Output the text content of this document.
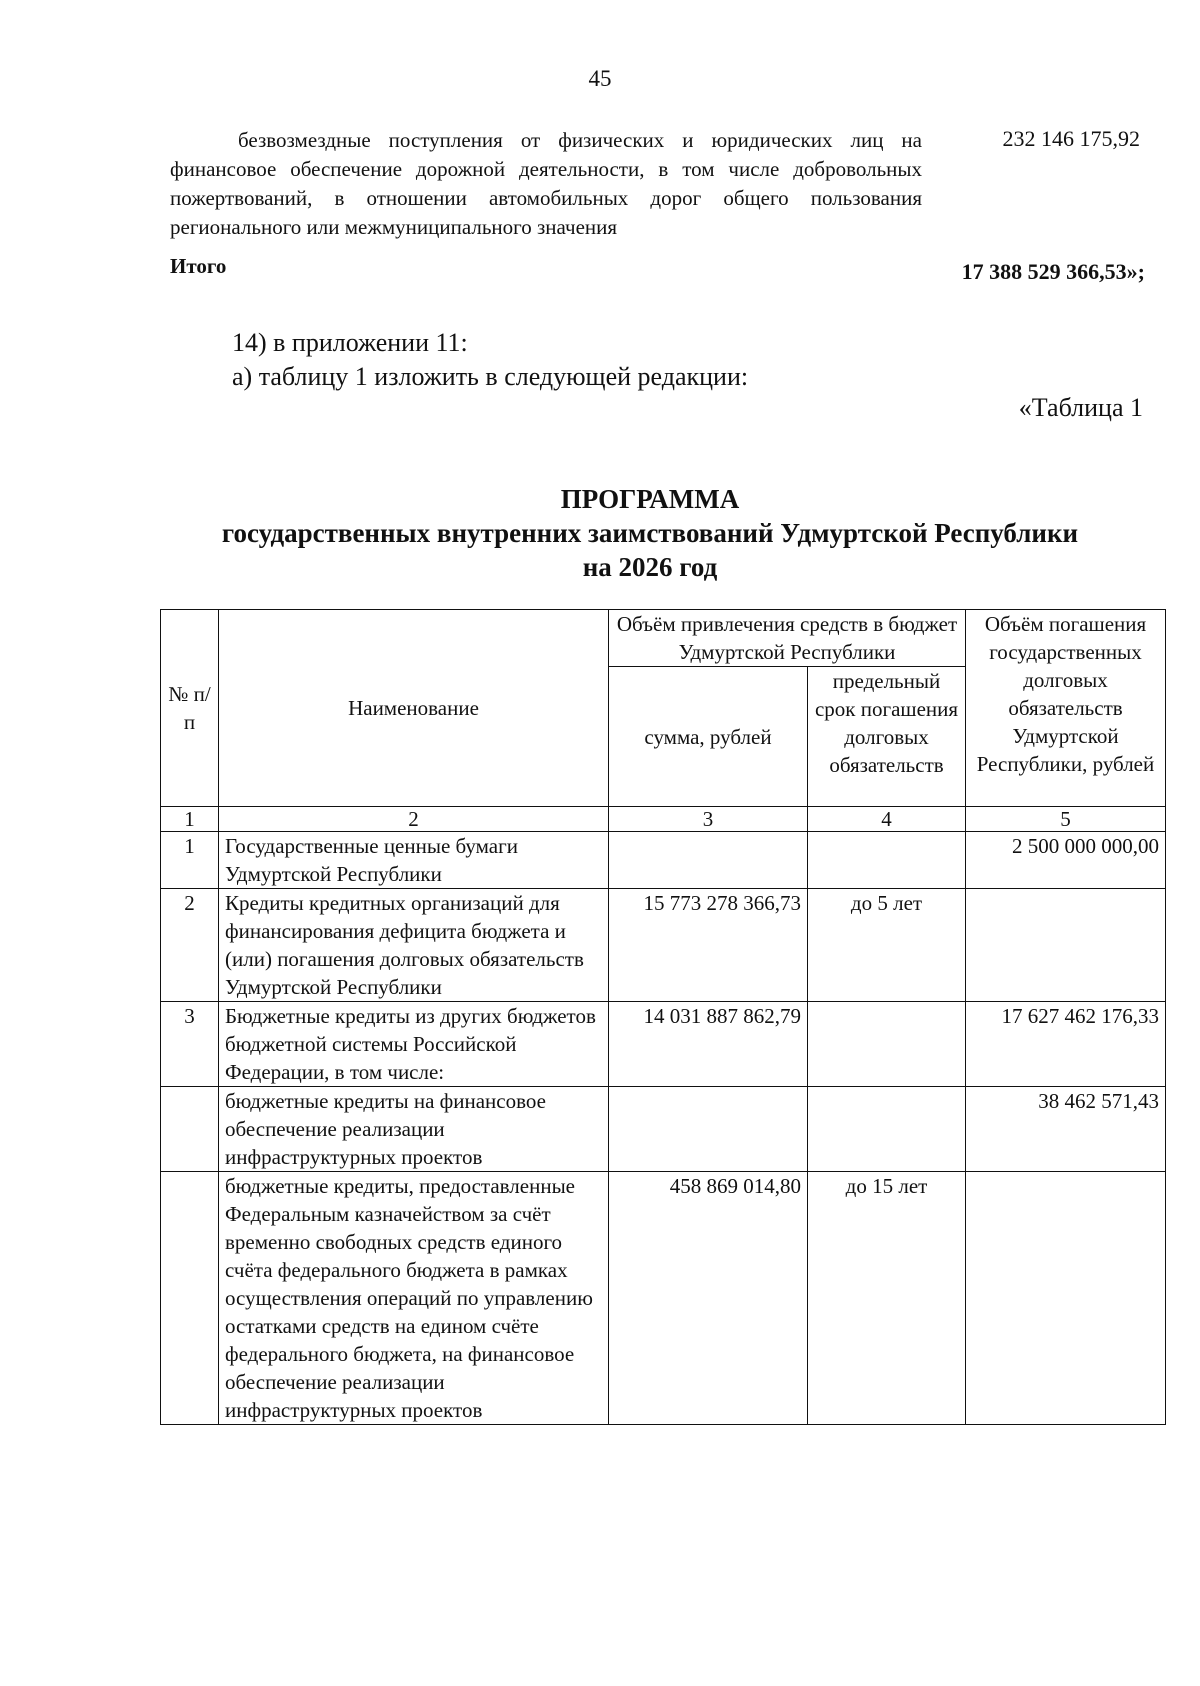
45

безвозмездные поступления от физических и юридических лиц на финансовое обеспечение дорожной деятельности, в том числе добровольных пожертвований, в отношении автомобильных дорог общего пользования регионального или межмуниципального значения

232 146 175,92
Итого	17 388 529 366,53»;
14) в приложении 11:
а) таблицу 1 изложить в следующей редакции:
«Таблица 1
ПРОГРАММА
государственных внутренних заимствований Удмуртской Республики
на 2026 год
№ п/п	Наименование	Объём привлечения средств в бюджет Удмуртской Республики		Объём погашения государственных долговых обязательств Удмуртской Республики, рублей
		сумма, рублей	предельный срок погашения долговых обязательств	
1	2	3	4	5
1	Государственные ценные бумаги Удмуртской Республики			2 500 000 000,00
2	Кредиты кредитных организаций для финансирования дефицита бюджета и (или) погашения долговых обязательств Удмуртской Республики	15 773 278 366,73	до 5 лет	
3	Бюджетные кредиты из других бюджетов бюджетной системы Российской Федерации, в том числе:	14 031 887 862,79		17 627 462 176,33
	бюджетные кредиты на финансовое обеспечение реализации инфраструктурных проектов			38 462 571,43
	бюджетные кредиты, предоставленные Федеральным казначейством за счёт временно свободных средств единого счёта федерального бюджета в рамках осуществления операций по управлению остатками средств на едином счёте федерального бюджета, на финансовое обеспечение реализации инфраструктурных проектов	458 869 014,80	до 15 лет	
